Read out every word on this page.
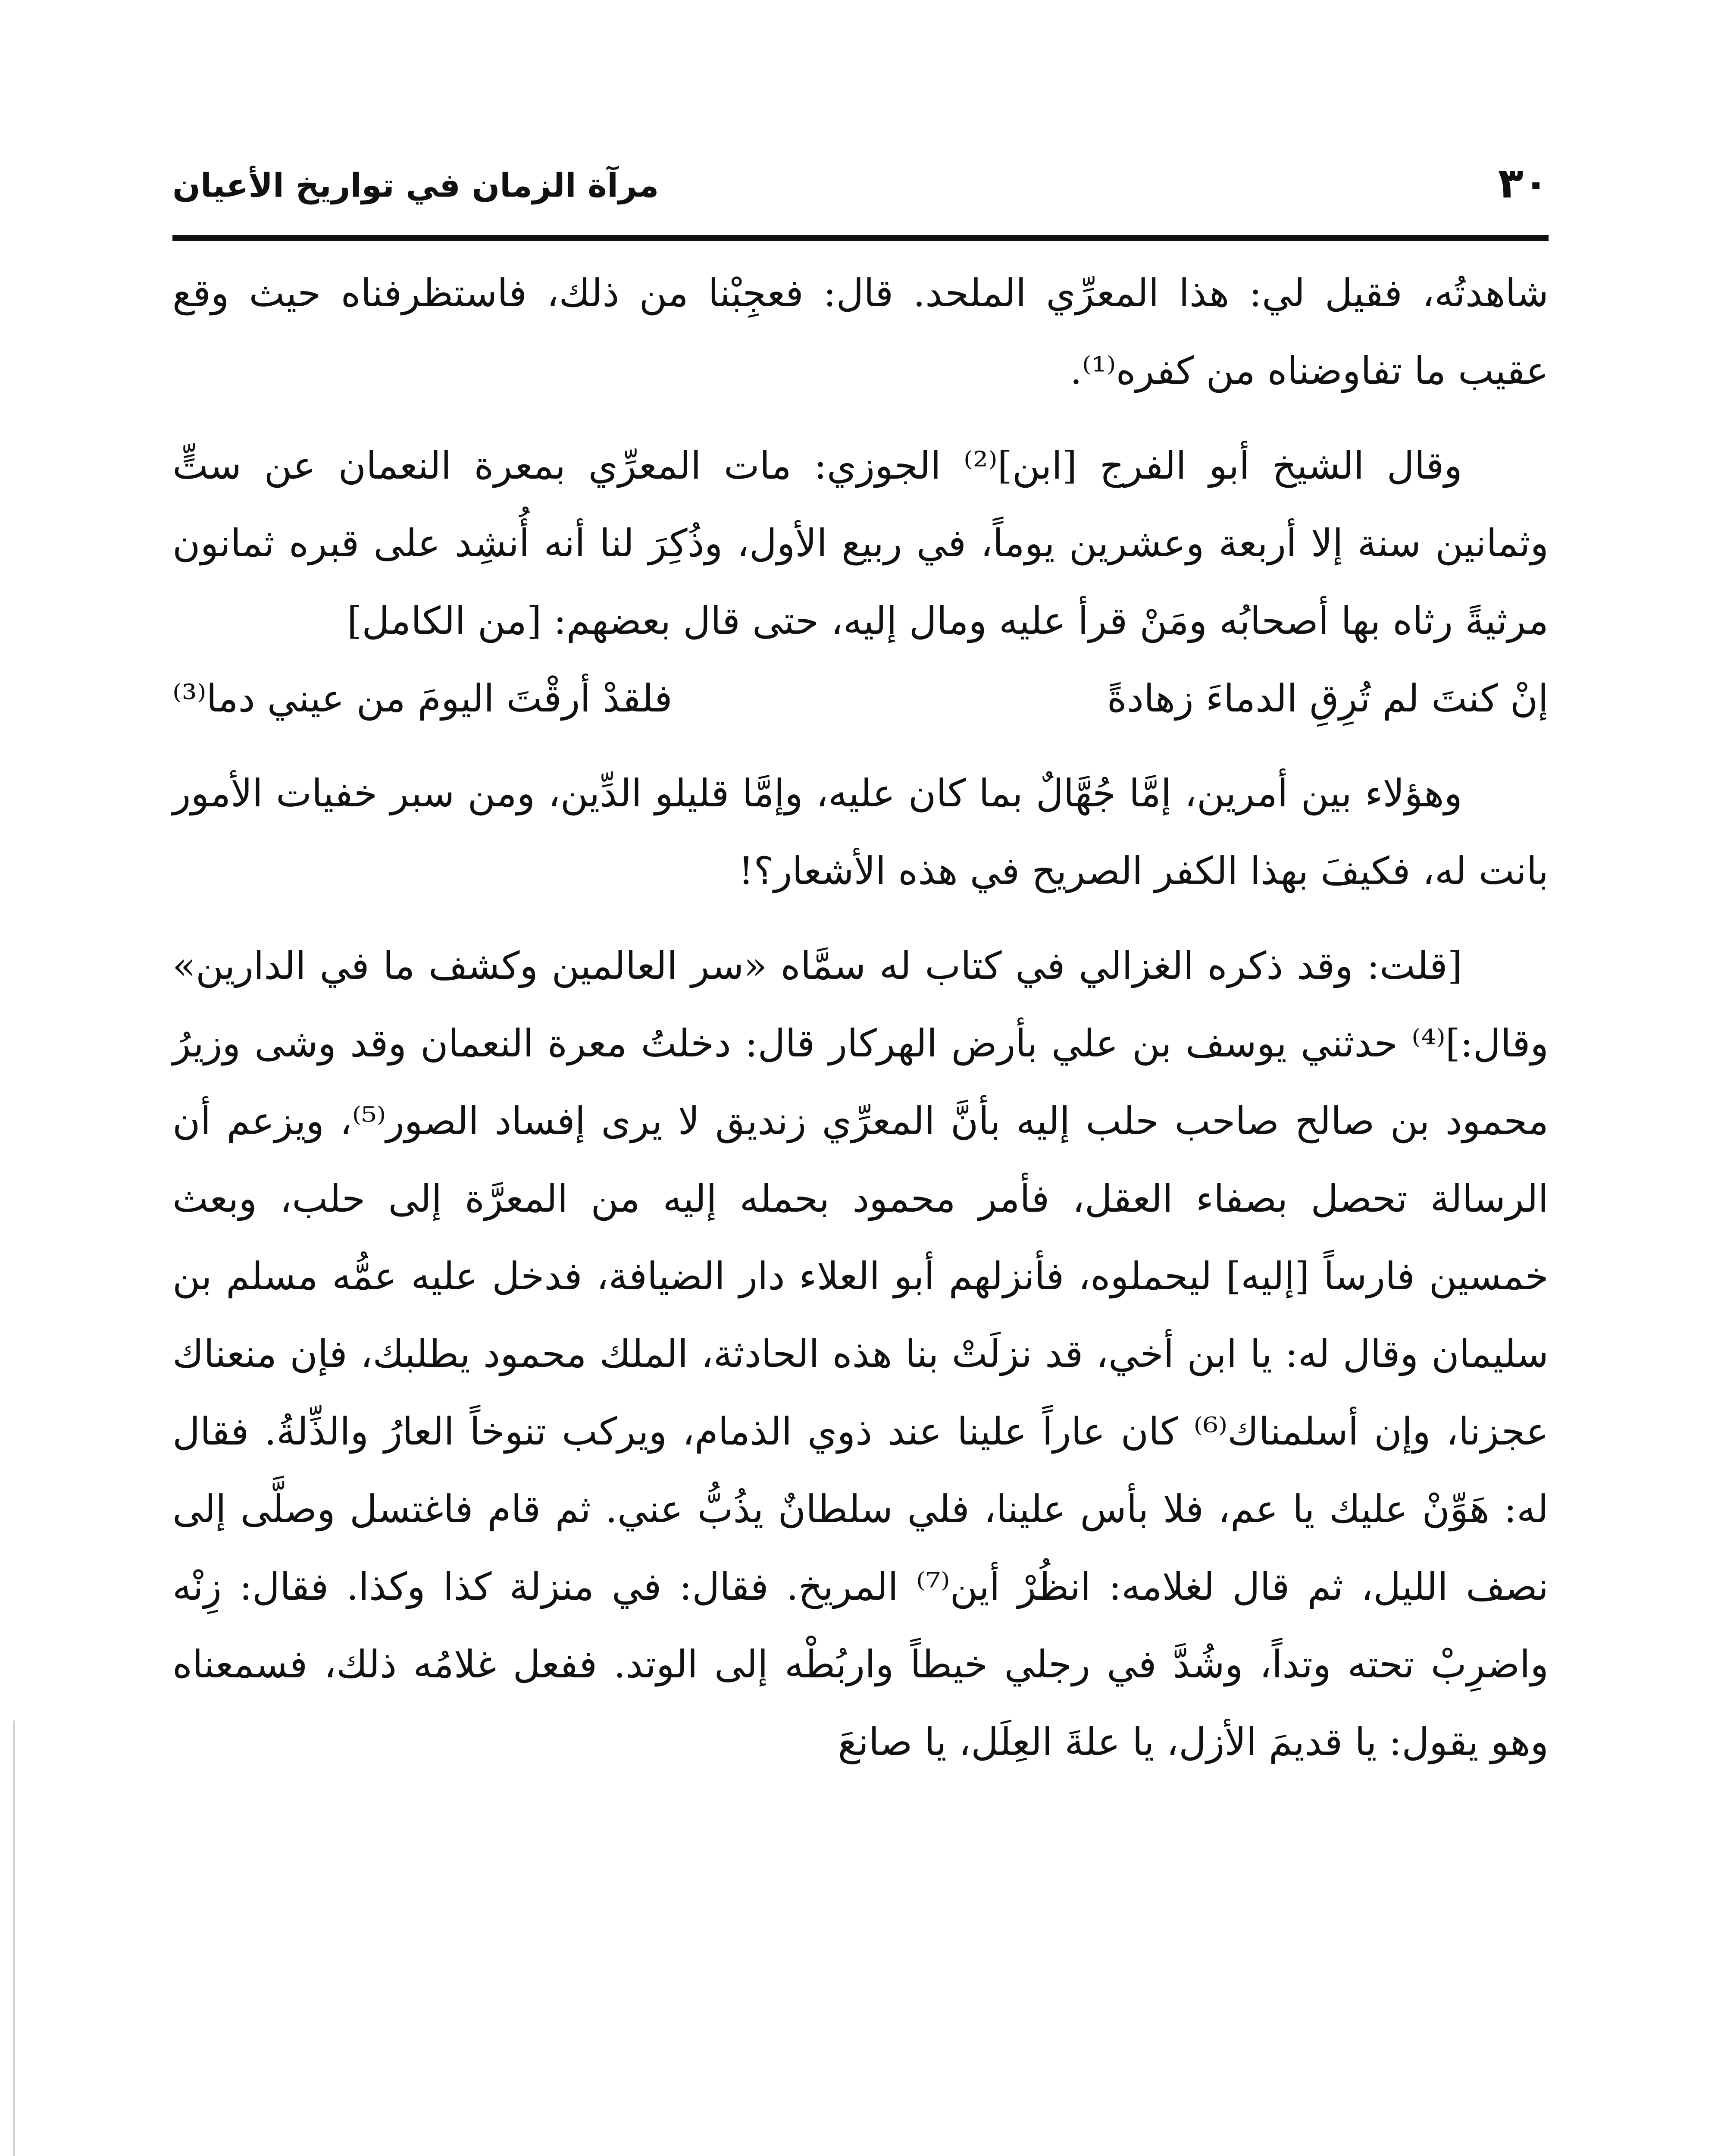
٣٠
مرآة الزمان في تواريخ الأعيان

شاهدتُه، فقيل لي: هذا المعرِّي الملحد. قال: فعجِبْنا من ذلك، فاستظرفناه حيث وقع عقيب ما تفاوضناه من كفره⁽¹⁾.

وقال الشيخ أبو الفرج [ابن]⁽²⁾ الجوزي: مات المعرِّي بمعرة النعمان عن ستٍّ وثمانين سنة إلا أربعة وعشرين يوماً، في ربيع الأول، وذُكِرَ لنا أنه أُنشِد على قبره ثمانون مرثيةً رثاه بها أصحابُه ومَنْ قرأ عليه ومال إليه، حتى قال بعضهم: [من الكامل]

إنْ كنتَ لم تُرِقِ الدماءَ زهادةً
فلقدْ أرقْتَ اليومَ من عيني دما⁽³⁾

وهؤلاء بين أمرين، إمَّا جُهَّالٌ بما كان عليه، وإمَّا قليلو الدِّين، ومن سبر خفيات الأمور بانت له، فكيفَ بهذا الكفر الصريح في هذه الأشعار؟!

[قلت: وقد ذكره الغزالي في كتاب له سمَّاه «سر العالمين وكشف ما في الدارين» وقال:]⁽⁴⁾ حدثني يوسف بن علي بأرض الهركار قال: دخلتُ معرة النعمان وقد وشى وزيرُ محمود بن صالح صاحب حلب إليه بأنَّ المعرِّي زنديق لا يرى إفساد الصور⁽⁵⁾، ويزعم أن الرسالة تحصل بصفاء العقل، فأمر محمود بحمله إليه من المعرَّة إلى حلب، وبعث خمسين فارساً [إليه] ليحملوه، فأنزلهم أبو العلاء دار الضيافة، فدخل عليه عمُّه مسلم بن سليمان وقال له: يا ابن أخي، قد نزلَتْ بنا هذه الحادثة، الملك محمود يطلبك، فإن منعناك عجزنا، وإن أسلمناك⁽⁶⁾ كان عاراً علينا عند ذوي الذمام، ويركب تنوخاً العارُ والذِّلةُ. فقال له: هَوِّنْ عليك يا عم، فلا بأس علينا، فلي سلطانٌ يذُبُّ عني. ثم قام فاغتسل وصلَّى إلى نصف الليل، ثم قال لغلامه: انظُرْ أين⁽⁷⁾ المريخ. فقال: في منزلة كذا وكذا. فقال: زِنْه واضرِبْ تحته وتداً، وشُدَّ في رجلي خيطاً واربُطْه إلى الوتد. ففعل غلامُه ذلك، فسمعناه وهو يقول: يا قديمَ الأزل، يا علةَ العِلَل، يا صانعَ
